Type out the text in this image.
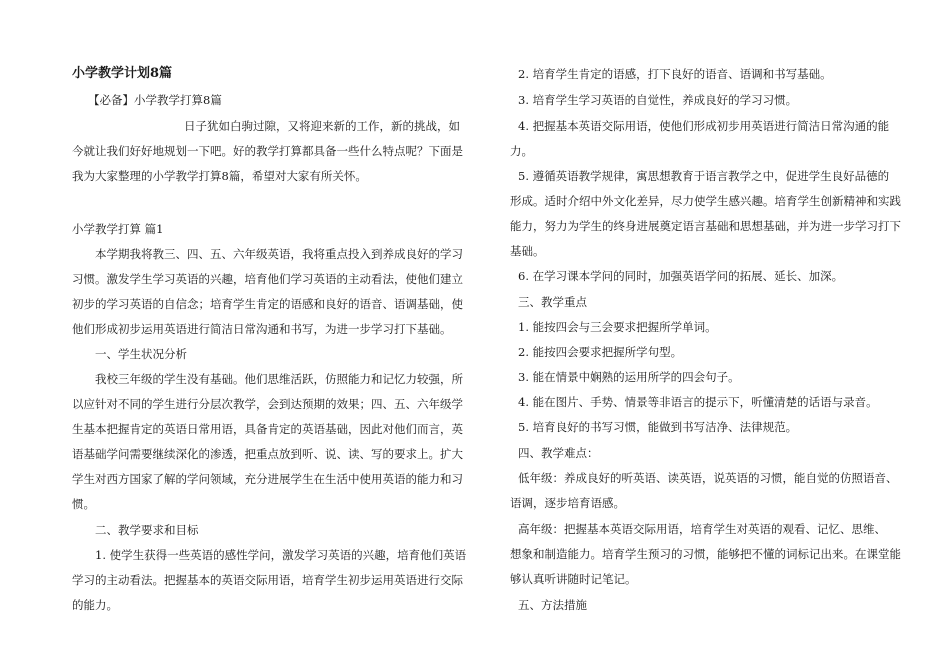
小学教学计划8篇

【必备】小学教学打算8篇

日子犹如白驹过隙，又将迎来新的工作，新的挑战，如

今就让我们好好地规划一下吧。好的教学打算都具备一些什么特点呢？下面是

我为大家整理的小学教学打算8篇，希望对大家有所关怀。

小学教学打算 篇1

本学期我将教三、四、五、六年级英语，我将重点投入到养成良好的学习

习惯。激发学生学习英语的兴趣，培育他们学习英语的主动看法，使他们建立

初步的学习英语的自信念；培育学生肯定的语感和良好的语音、语调基础，使

他们形成初步运用英语进行简洁日常沟通和书写，为进一步学习打下基础。

一、学生状况分析

我校三年级的学生没有基础。他们思维活跃，仿照能力和记忆力较强，所

以应针对不同的学生进行分层次教学，会到达预期的效果；四、五、六年级学

生基本把握肯定的英语日常用语，具备肯定的英语基础，因此对他们而言，英

语基础学问需要继续深化的渗透，把重点放到听、说、读、写的要求上。扩大

学生对西方国家了解的学问领域，充分进展学生在生活中使用英语的能力和习

惯。

二、教学要求和目标

1. 使学生获得一些英语的感性学问，激发学习英语的兴趣，培育他们英语

学习的主动看法。把握基本的英语交际用语，培育学生初步运用英语进行交际

的能力。

2. 培育学生肯定的语感，打下良好的语音、语调和书写基础。

3. 培育学生学习英语的自觉性，养成良好的学习习惯。

4. 把握基本英语交际用语，使他们形成初步用英语进行简洁日常沟通的能

力。

5. 遵循英语教学规律，寓思想教育于语言教学之中，促进学生良好品德的

形成。适时介绍中外文化差异，尽力使学生感兴趣。培育学生创新精神和实践

能力，努力为学生的终身进展奠定语言基础和思想基础，并为进一步学习打下

基础。

6. 在学习课本学问的同时，加强英语学问的拓展、延长、加深。

三、教学重点

1. 能按四会与三会要求把握所学单词。

2. 能按四会要求把握所学句型。

3. 能在情景中娴熟的运用所学的四会句子。

4. 能在图片、手势、情景等非语言的提示下，听懂清楚的话语与录音。

5. 培育良好的书写习惯，能做到书写洁净、法律规范。

四、教学难点：

低年级：养成良好的听英语、读英语，说英语的习惯，能自觉的仿照语音、

语调，逐步培育语感。

高年级：把握基本英语交际用语，培育学生对英语的观看、记忆、思维、

想象和制造能力。培育学生预习的习惯，能够把不懂的词标记出来。在课堂能

够认真听讲随时记笔记。

五、方法措施
